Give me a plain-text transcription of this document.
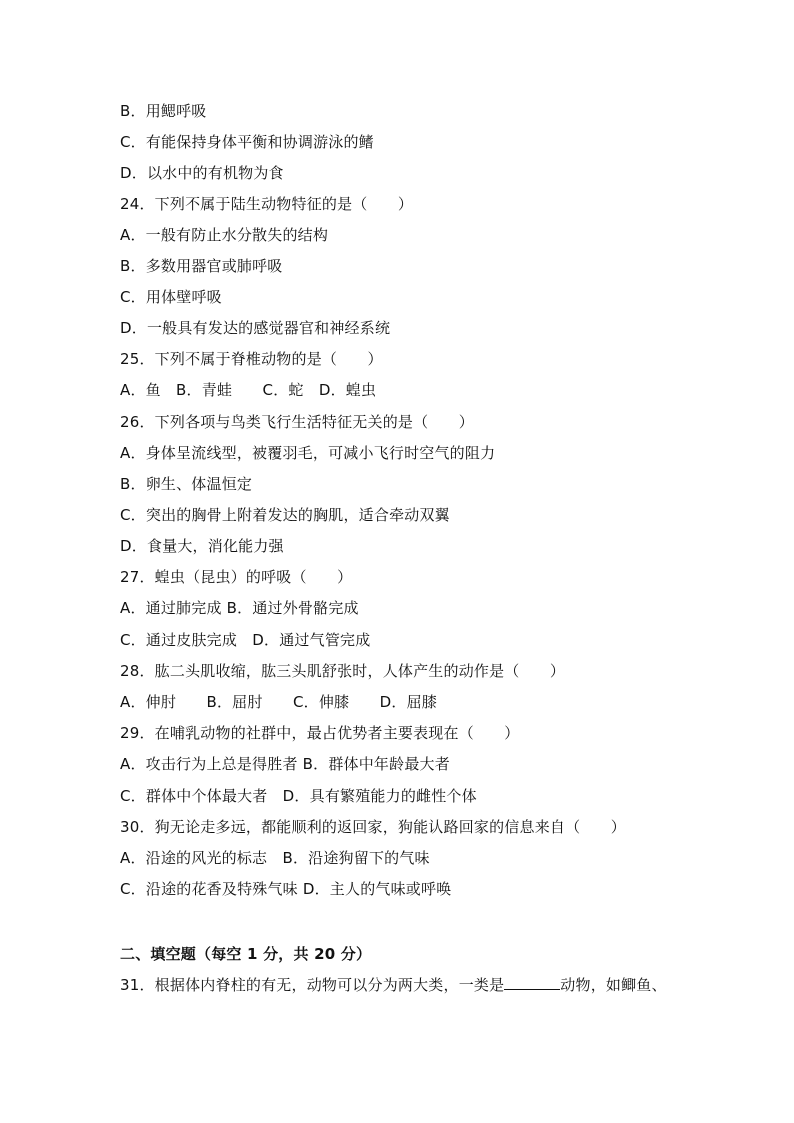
B．用鳃呼吸
C．有能保持身体平衡和协调游泳的鳍
D．以水中的有机物为食
24．下列不属于陆生动物特征的是（　　）
A．一般有防止水分散失的结构
B．多数用器官或肺呼吸
C．用体壁呼吸
D．一般具有发达的感觉器官和神经系统
25．下列不属于脊椎动物的是（　　）
A．鱼　B．青蛙　　C．蛇　D．蝗虫
26．下列各项与鸟类飞行生活特征无关的是（　　）
A．身体呈流线型，被覆羽毛，可减小飞行时空气的阻力
B．卵生、体温恒定
C．突出的胸骨上附着发达的胸肌，适合牵动双翼
D．食量大，消化能力强
27．蝗虫（昆虫）的呼吸（　　）
A．通过肺完成 B．通过外骨骼完成
C．通过皮肤完成　D．通过气管完成
28．肱二头肌收缩，肱三头肌舒张时，人体产生的动作是（　　）
A．伸肘　　B．屈肘　　C．伸膝　　D．屈膝
29．在哺乳动物的社群中，最占优势者主要表现在（　　）
A．攻击行为上总是得胜者 B．群体中年龄最大者
C．群体中个体最大者　D．具有繁殖能力的雌性个体
30．狗无论走多远，都能顺利的返回家，狗能认路回家的信息来自（　　）
A．沿途的风光的标志　B．沿途狗留下的气味
C．沿途的花香及特殊气味 D．主人的气味或呼唤
二、填空题（每空 1 分，共 20 分）
31．根据体内脊柱的有无，动物可以分为两大类，一类是	动物，如鲫鱼、
